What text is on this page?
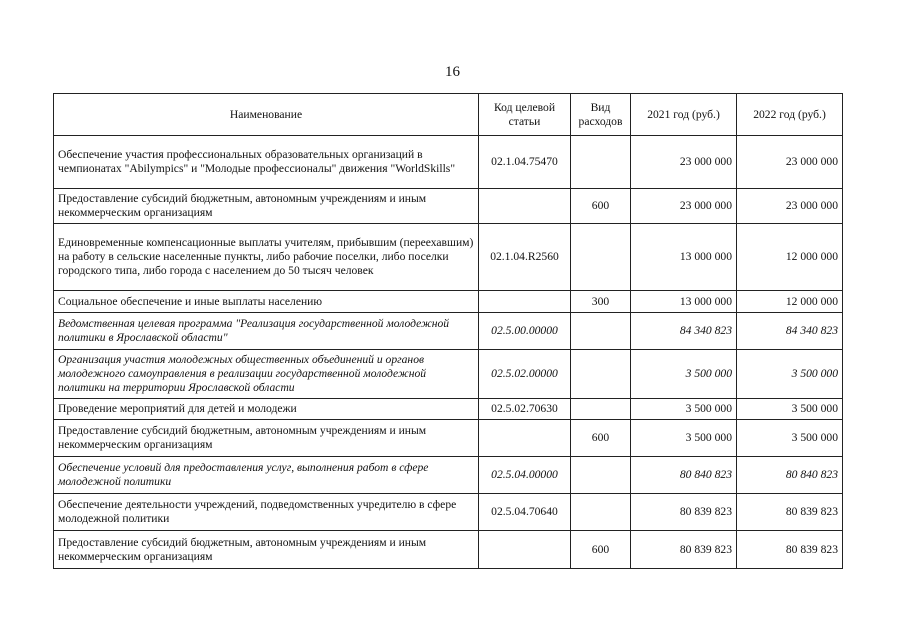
16
Наименование	Код целевой статьи	Вид расходов	2021 год (руб.)	2022 год (руб.)
Обеспечение участия профессиональных образовательных организаций в чемпионатах "Abilympics" и "Молодые профессионалы" движения "WorldSkills"	02.1.04.75470		23 000 000	23 000 000
Предоставление субсидий бюджетным, автономным учреждениям и иным некоммерческим организациям		600	23 000 000	23 000 000
Единовременные компенсационные выплаты учителям, прибывшим (переехавшим) на работу в сельские населенные пункты, либо рабочие поселки, либо поселки городского типа, либо города с населением до 50 тысяч человек	02.1.04.R2560		13 000 000	12 000 000
Социальное обеспечение и иные выплаты населению		300	13 000 000	12 000 000
Ведомственная целевая программа "Реализация государственной молодежной политики в Ярославской области"	02.5.00.00000		84 340 823	84 340 823
Организация участия молодежных общественных объединений и органов молодежного самоуправления в реализации государственной молодежной политики на территории Ярославской области	02.5.02.00000		3 500 000	3 500 000
Проведение мероприятий для детей и молодежи	02.5.02.70630		3 500 000	3 500 000
Предоставление субсидий бюджетным, автономным учреждениям и иным некоммерческим организациям		600	3 500 000	3 500 000
Обеспечение условий для предоставления услуг, выполнения работ в сфере молодежной политики	02.5.04.00000		80 840 823	80 840 823
Обеспечение деятельности учреждений, подведомственных учредителю в сфере молодежной политики	02.5.04.70640		80 839 823	80 839 823
Предоставление субсидий бюджетным, автономным учреждениям и иным некоммерческим организациям		600	80 839 823	80 839 823
